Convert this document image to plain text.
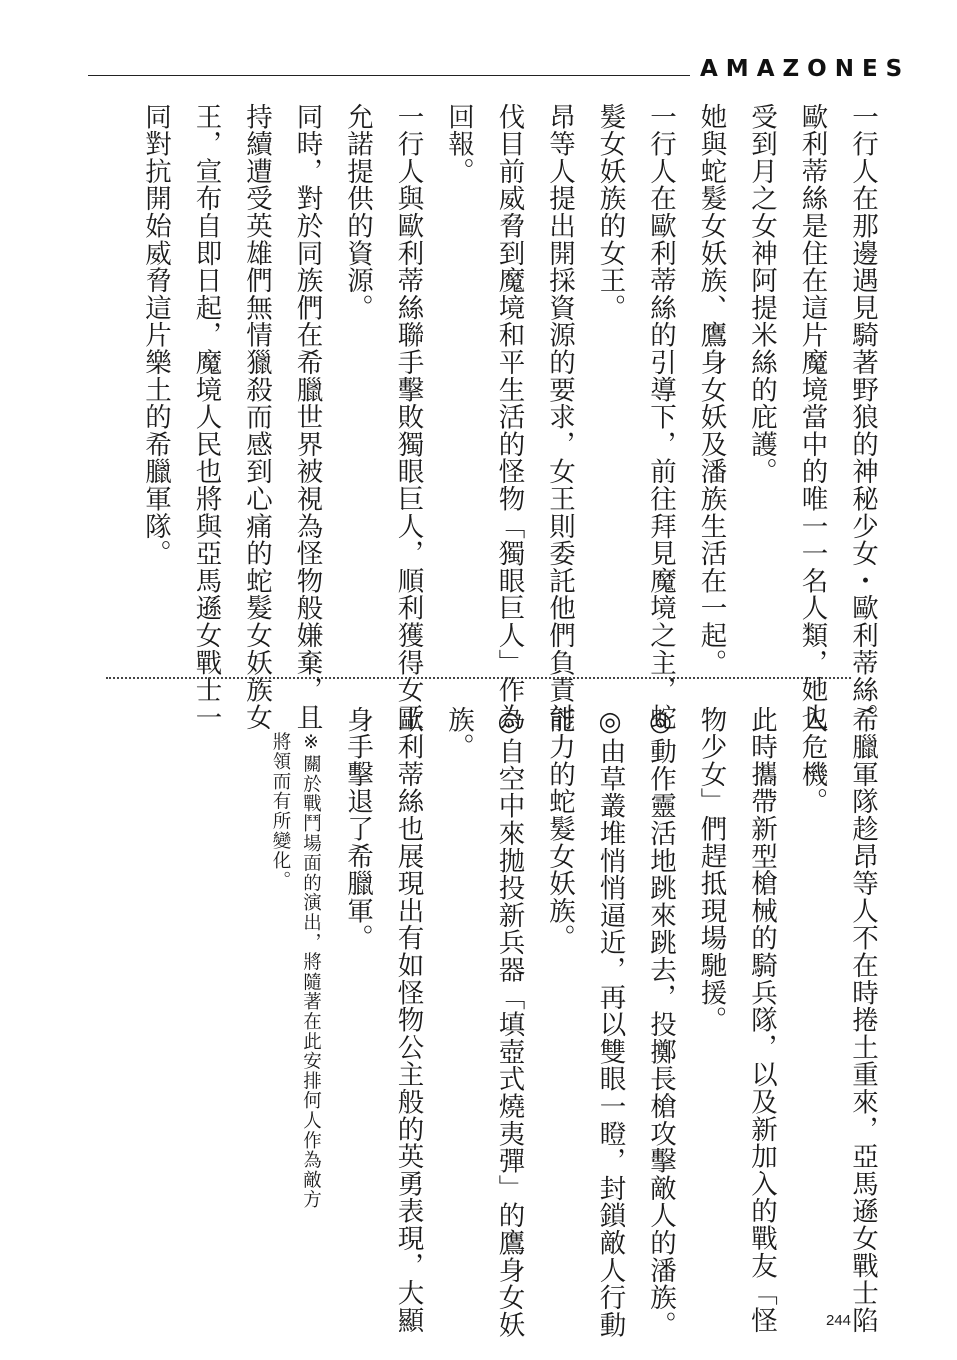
AMAZONES
一行人在那邊遇見騎著野狼的神秘少女・歐利蒂絲。
歐利蒂絲是住在這片魔境當中的唯一一名人類，她也
受到月之女神阿提米絲的庇護。
她與蛇髮女妖族、鷹身女妖及潘族生活在一起。
一行人在歐利蒂絲的引導下，前往拜見魔境之主，蛇
髮女妖族的女王。
昂等人提出開採資源的要求，女王則委託他們負責討
伐目前威脅到魔境和平生活的怪物「獨眼巨人」作為
回報。
一行人與歐利蒂絲聯手擊敗獨眼巨人，順利獲得女王
允諾提供的資源。
同時，對於同族們在希臘世界被視為怪物般嫌棄，且
持續遭受英雄們無情獵殺而感到心痛的蛇髮女妖族女
王，宣布自即日起，魔境人民也將與亞馬遜女戰士一
同對抗開始威脅這片樂土的希臘軍隊。
希臘軍隊趁昂等人不在時捲土重來，亞馬遜女戰士陷
入危機。
此時攜帶新型槍械的騎兵隊，以及新加入的戰友「怪
物少女」們趕抵現場馳援。
◎動作靈活地跳來跳去，投擲長槍攻擊敵人的潘族。
◎由草叢堆悄悄逼近，再以雙眼一瞪，封鎖敵人行動
能力的蛇髮女妖族。
◎自空中來拋投新兵器「填壺式燒夷彈」的鷹身女妖
族。
歐利蒂絲也展現出有如怪物公主般的英勇表現，大顯
身手擊退了希臘軍。
※關於戰鬥場面的演出，將隨著在此安排何人作為敵方
將領而有所變化。
244
